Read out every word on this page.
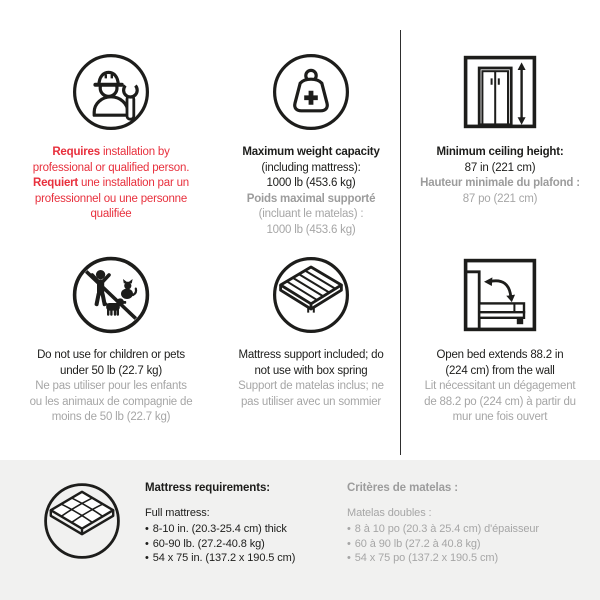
Requires installation by
professional or qualified person.
Requiert une installation par un
professionnel ou une personne
qualifiée
Maximum weight capacity
(including mattress):
1000 lb (453.6 kg)
Poids maximal supporté
(incluant le matelas) :
1000 lb (453.6 kg)
Minimum ceiling height:
87 in (221 cm)
Hauteur minimale du plafond :
87 po (221 cm)
Do not use for children or pets
under 50 lb (22.7 kg)
Ne pas utiliser pour les enfants
ou les animaux de compagnie de
moins de 50 lb (22.7 kg)
Mattress support included; do
not use with box spring
Support de matelas inclus; ne
pas utiliser avec un sommier
Open bed extends 88.2 in
(224 cm) from the wall
Lit nécessitant un dégagement
de 88.2 po (224 cm) à partir du
mur une fois ouvert
Mattress requirements:
Full mattress:
• 8-10 in. (20.3-25.4 cm) thick
• 60-90 lb. (27.2-40.8 kg)
• 54 x 75 in. (137.2 x 190.5 cm)
Critères de matelas :
Matelas doubles :
• 8 à 10 po (20.3 à 25.4 cm) d'épaisseur
• 60 à 90 lb (27.2 à 40.8 kg)
• 54 x 75 po (137.2 x 190.5 cm)
